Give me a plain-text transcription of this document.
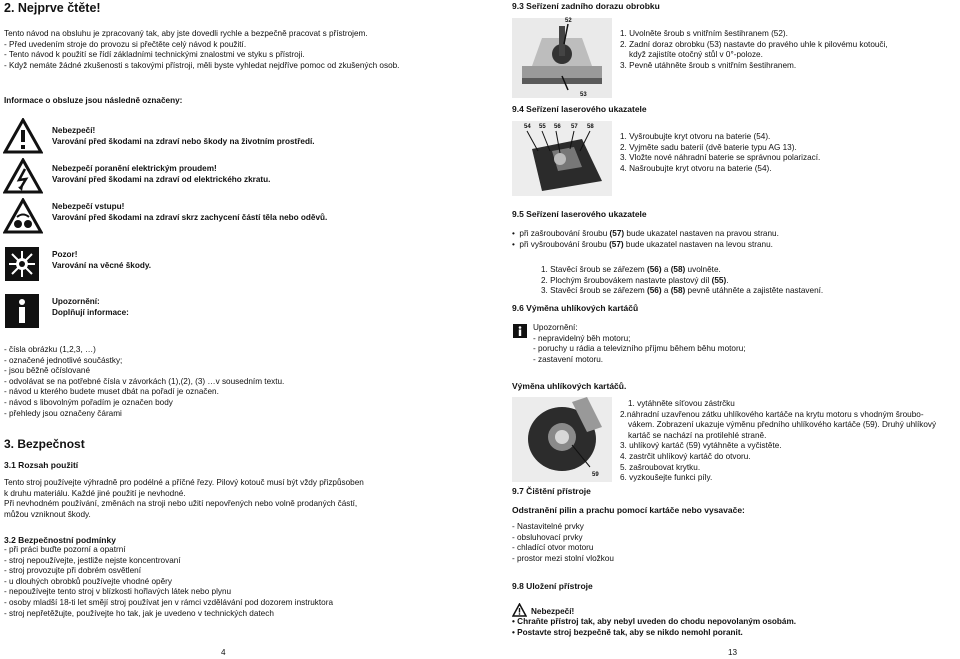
2. Nejprve čtěte!
Tento návod na obsluhu je zpracovaný tak, aby jste dovedli rychle a bezpečně pracovat s přístrojem.
- Před uvedením stroje do provozu si přečtěte celý návod k použití.
- Tento návod k použití se řídí základními technickými znalostmi ve styku s přístroji.
- Když nemáte žádné zkušenosti s takovými přístroji, měli byste vyhledat nejdříve pomoc od zkušených osob.
Informace o obsluze jsou následně označeny:
Nebezpečí!
Varování před škodami na zdraví nebo škody na životním prostředí.
Nebezpečí poranění elektrickým proudem!
Varování před škodami na zdraví od elektrického zkratu.
Nebezpečí vstupu!
Varování před škodami na zdraví skrz zachycení částí těla nebo oděvů.
Pozor!
Varování na věcné škody.
Upozornění:
Doplňují informace:
- čísla obrázku (1,2,3, …)
- označené jednotlivé součástky;
- jsou běžně očíslované
- odvolávat se na potřebné čísla v závorkách (1),(2), (3) …v sousedním textu.
- návod u kterého budete muset dbát na pořadí je označen.
- návod s libovolným pořadím je označen body
- přehledy jsou označeny čárami
3. Bezpečnost
3.1 Rozsah použití
Tento stroj používejte výhradně pro podélné a příčné řezy. Pilový kotouč musí být vždy přizpůsoben
k druhu materiálu. Každé jiné použití je nevhodné.
Při nevhodném používání, změnách na stroji nebo užití nepovřených nebo volně prodaných částí,
můžou vzniknout škody.
3.2 Bezpečnostní podmínky
- při práci buďte pozorní a opatrní
- stroj nepoužívejte, jestliže nejste koncentrovaní
- stroj provozujte při dobrém osvětlení
- u dlouhých obrobků používejte vhodné opěry
- nepoužívejte tento stroj v blízkosti hořlavých látek nebo plynu
- osoby mladší 18-ti let smějí stroj používat jen v rámci vzdělávání pod dozorem instruktora
- stroj nepřetěžujte, používejte ho tak, jak je uvedeno v technických datech
4
9.3 Seřízení zadního dorazu obrobku
52
53
1. Uvolněte šroub s vnitřním šestihranem (52).
2. Zadní doraz obrobku (53) nastavte do pravého uhle k pilovému kotouči,
když zajistíte otočný stůl v 0°-poloze.
3. Pevně utáhněte šroub s vnitřním šestihranem.
9.4 Seřízení laserového ukazatele
54 55 56 57 58
1. Vyšroubujte kryt otvoru na baterie (54).
2. Vyjměte sadu baterií (dvě baterie typu AG 13).
3. Vložte nové náhradní baterie se správnou polarizací.
4. Našroubujte kryt otvoru na baterie (54).
9.5 Seřízení laserového ukazatele
•  při zašroubování šroubu (57) bude ukazatel nastaven na pravou stranu.
•  při vyšroubování šroubu (57) bude ukazatel nastaven na levou stranu.
1. Stavěcí šroub se zářezem (56) a (58) uvolněte.
2. Plochým šroubovákem nastavte plastový díl (55).
3. Stavěcí šroub se zářezem (56) a (58) pevně utáhněte a zajistěte nastavení.
9.6 Výměna uhlíkových kartáčů
Upozornění:
- nepravidelný běh motoru;
- poruchy u rádia a televizního příjmu během běhu motoru;
- zastavení motoru.
Výměna uhlíkových kartáčů.
59
1. vytáhněte síťovou zástrčku
2.náhradní uzavřenou zátku uhlíkového kartáče na krytu motoru s vhodným šroubo-
vákem. Zobrazení ukazuje výměnu předního uhlíkového kartáče (59). Druhý uhlíkový
kartáč se nachází na protilehlé straně.
3. uhlíkový kartáč (59) vytáhněte a vyčistěte.
4. zastrčit uhlíkový kartáč do otvoru.
5. zašroubovat krytku.
6. vyzkoušejte funkci píly.
9.7 Čištění přístroje
Odstranění pilin a prachu pomocí kartáče nebo vysavače:
- Nastavitelné prvky
- obsluhovací prvky
- chladící otvor motoru
- prostor mezi stolní vložkou
9.8 Uložení přístroje
Nebezpečí!
• Chraňte přístroj tak, aby nebyl uveden do chodu nepovolaným osobám.
• Postavte stroj bezpečně tak, aby se nikdo nemohl poranit.
13
